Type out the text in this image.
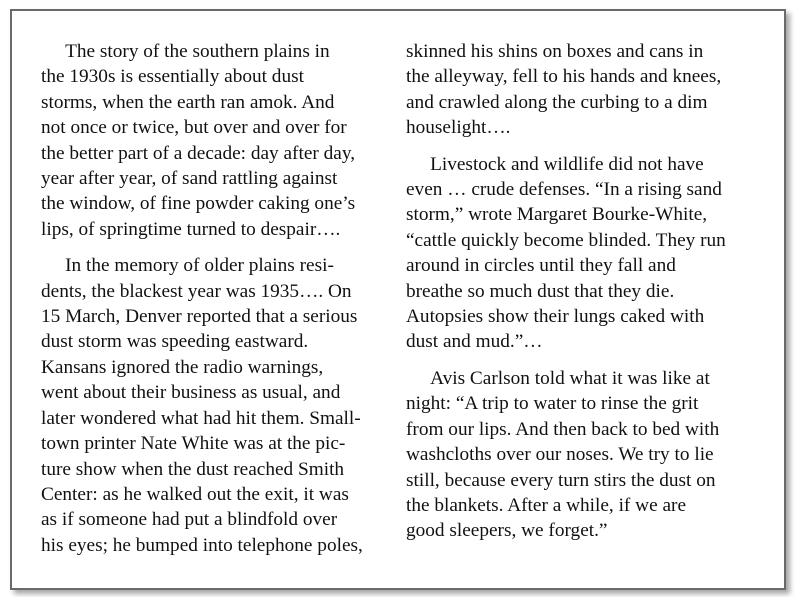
The story of the southern plains in
the 1930s is essentially about dust
storms, when the earth ran amok. And
not once or twice, but over and over for
the better part of a decade: day after day,
year after year, of sand rattling against
the window, of fine powder caking one’s
lips, of springtime turned to despair….
In the memory of older plains resi-
dents, the blackest year was 1935…. On
15 March, Denver reported that a serious
dust storm was speeding eastward.
Kansans ignored the radio warnings,
went about their business as usual, and
later wondered what had hit them. Small-
town printer Nate White was at the pic-
ture show when the dust reached Smith
Center: as he walked out the exit, it was
as if someone had put a blindfold over
his eyes; he bumped into telephone poles,
skinned his shins on boxes and cans in
the alleyway, fell to his hands and knees,
and crawled along the curbing to a dim
houselight….
Livestock and wildlife did not have
even … crude defenses. “In a rising sand
storm,” wrote Margaret Bourke-White,
“cattle quickly become blinded. They run
around in circles until they fall and
breathe so much dust that they die.
Autopsies show their lungs caked with
dust and mud.”…
Avis Carlson told what it was like at
night: “A trip to water to rinse the grit
from our lips. And then back to bed with
washcloths over our noses. We try to lie
still, because every turn stirs the dust on
the blankets. After a while, if we are
good sleepers, we forget.”
